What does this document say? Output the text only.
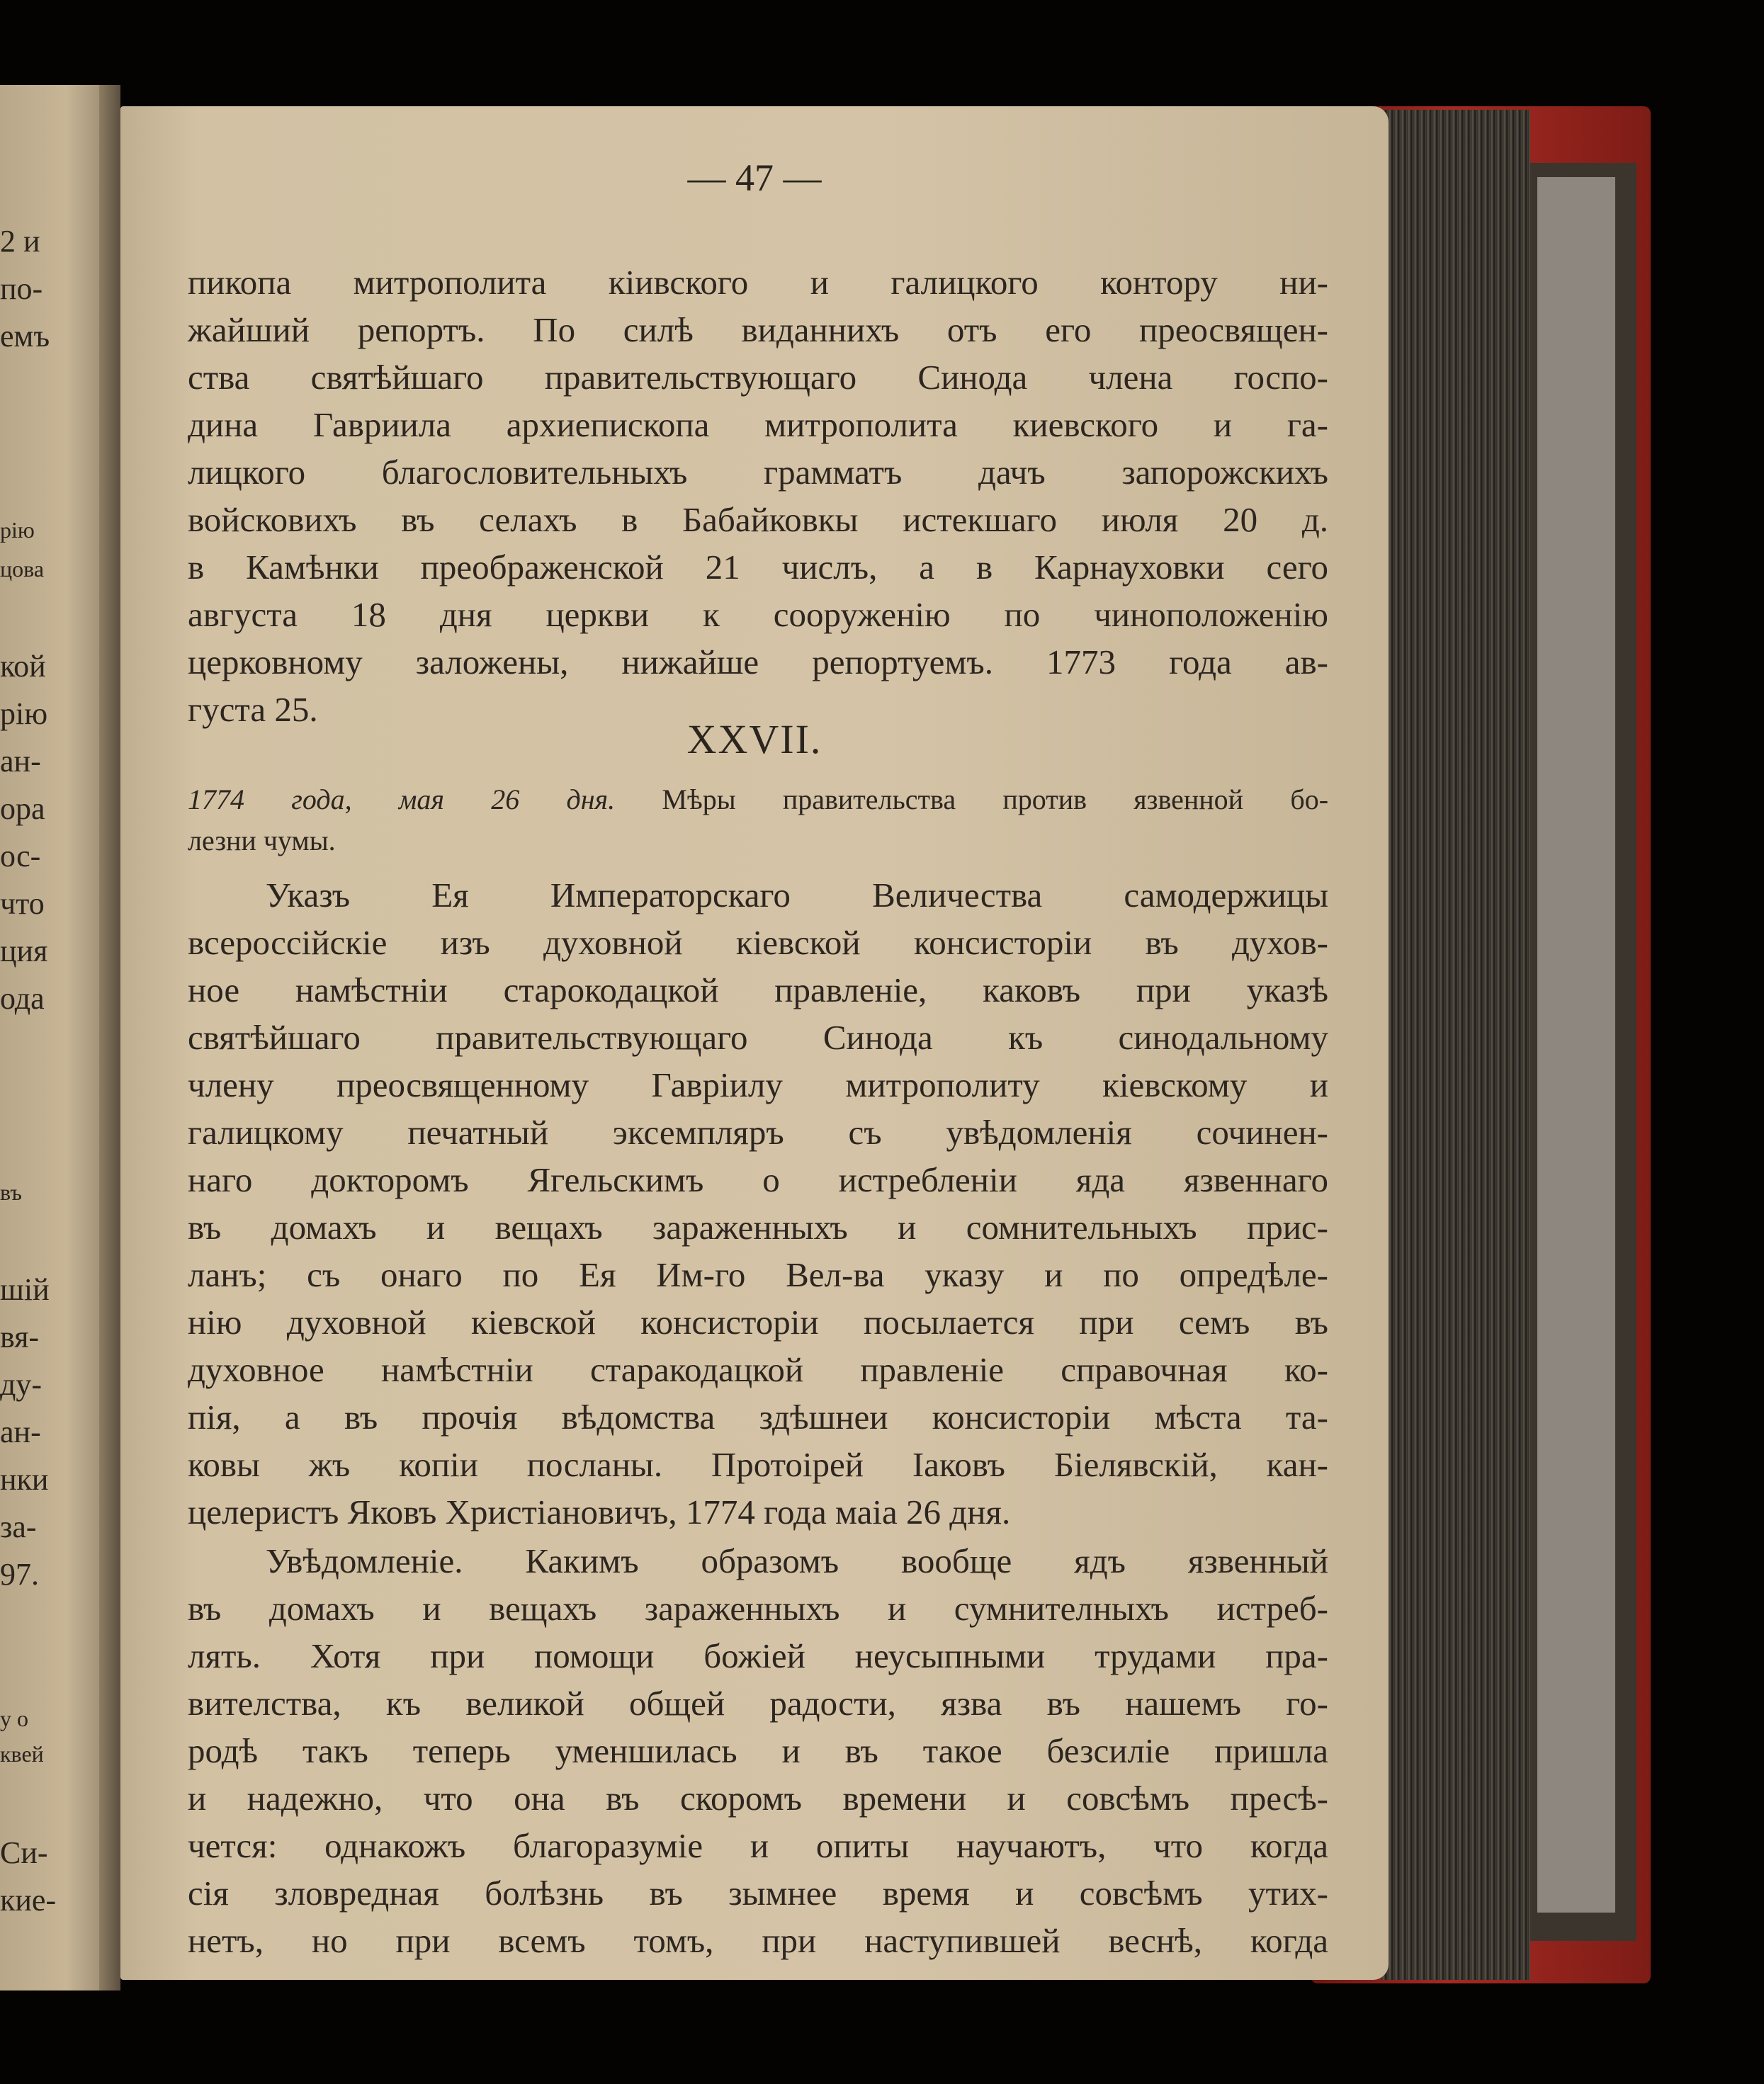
2 и
по-
емъ
рію
цова
кой
рію
ан-
ора
ос-
что
ция
ода
въ
шій
вя-
ду-
ан-
нки
за-
97.
у о
квей
Си-
кие-
— 47 —
пикопа митрополита кіивского и галицкого контору ни-
жайший репортъ. По силѣ виданнихъ отъ его преосвящен-
ства святѣйшаго правительствующаго Синода члена госпо-
дина Гавриила архиепископа митрополита киевского и га-
лицкого благословительныхъ грамматъ дачъ запорожскихъ
войсковихъ въ селахъ в Бабайковкы истекшаго июля 20 д.
в Камѣнки преображенской 21 числъ, а в Карнауховки сего
августа 18 дня церкви к сооруженію по чиноположенію
церковному заложены, нижайше репортуемъ. 1773 года ав-
густа 25.
XXVII.
1774 года, мая 26 дня. Мѣры правительства против язвенной бо-
лезни чумы.
Указъ Ея Императорскаго Величества самодержицы
всероссійскіе изъ духовной кіевской консисторіи въ духов-
ное намѣстніи старокодацкой правленіе, каковъ при указѣ
святѣйшаго правительствующаго Синода къ синодальному
члену преосвященному Гавріилу митрополиту кіевскому и
галицкому печатный эксемпляръ съ увѣдомленія сочинен-
наго докторомъ Ягельскимъ о истребленіи яда язвеннаго
въ домахъ и вещахъ зараженныхъ и сомнительныхъ прис-
ланъ; съ онаго по Ея Им-го Вел-ва указу и по опредѣле-
нію духовной кіевской консисторіи посылается при семъ въ
духовное намѣстніи старакодацкой правленіе справочная ко-
пія, а въ прочія вѣдомства здѣшнеи консисторіи мѣста та-
ковы жъ копіи посланы. Протоірей Іаковъ Біелявскій, кан-
целеристъ Яковъ Христіановичъ, 1774 года маіа 26 дня.
Увѣдомленіе. Какимъ образомъ вообще ядъ язвенный
въ домахъ и вещахъ зараженныхъ и сумнителныхъ истреб-
лять. Хотя при помощи божіей неусыпными трудами пра-
вителства, къ великой общей радости, язва въ нашемъ го-
родѣ такъ теперь уменшилась и въ такое безсиліе пришла
и надежно, что она въ скоромъ времени и совсѣмъ пресѣ-
чется: однакожъ благоразуміе и опиты научаютъ, что когда
сія зловредная болѣзнь въ зымнее время и совсѣмъ утих-
нетъ, но при всемъ томъ, при наступившей веснѣ, когда
